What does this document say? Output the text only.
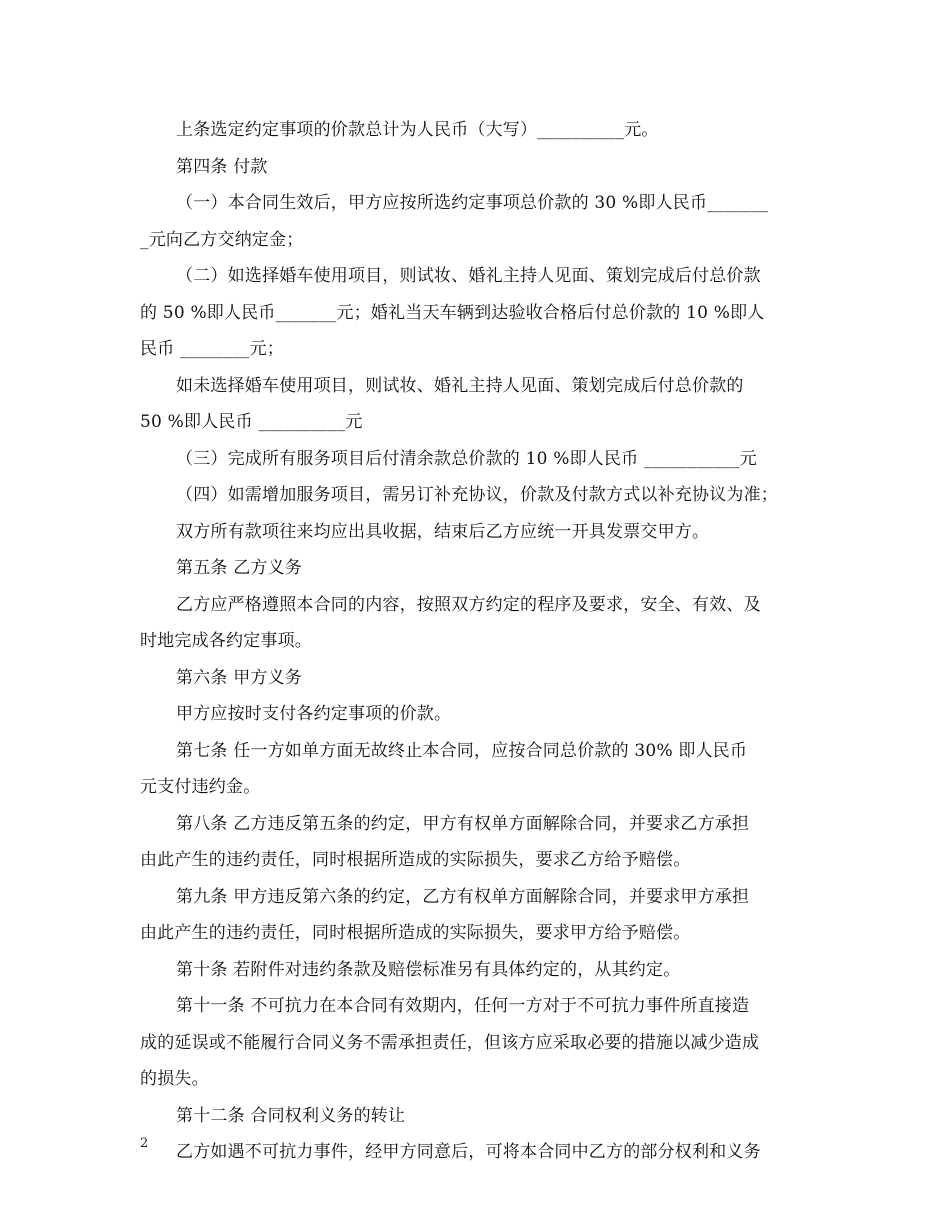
上条选定约定事项的价款总计为人民币（大写）__________元。
第四条 付款
（一）本合同生效后，甲方应按所选约定事项总价款的 30 %即人民币_______
_元向乙方交纳定金；
（二）如选择婚车使用项目，则试妆、婚礼主持人见面、策划完成后付总价款
的 50 %即人民币_______元；婚礼当天车辆到达验收合格后付总价款的 10 %即人
民币 ________元；
如未选择婚车使用项目，则试妆、婚礼主持人见面、策划完成后付总价款的
50 %即人民币 __________元
（三）完成所有服务项目后付清余款总价款的 10 %即人民币 ___________元
（四）如需增加服务项目，需另订补充协议，价款及付款方式以补充协议为准；
双方所有款项往来均应出具收据，结束后乙方应统一开具发票交甲方。
第五条 乙方义务
乙方应严格遵照本合同的内容，按照双方约定的程序及要求，安全、有效、及
时地完成各约定事项。
第六条 甲方义务
甲方应按时支付各约定事项的价款。
第七条 任一方如单方面无故终止本合同，应按合同总价款的 30% 即人民币
元支付违约金。
第八条 乙方违反第五条的约定，甲方有权单方面解除合同，并要求乙方承担
由此产生的违约责任，同时根据所造成的实际损失，要求乙方给予赔偿。
第九条 甲方违反第六条的约定，乙方有权单方面解除合同，并要求甲方承担
由此产生的违约责任，同时根据所造成的实际损失，要求甲方给予赔偿。
第十条 若附件对违约条款及赔偿标准另有具体约定的，从其约定。
第十一条 不可抗力在本合同有效期内，任何一方对于不可抗力事件所直接造
成的延误或不能履行合同义务不需承担责任，但该方应采取必要的措施以减少造成
的损失。
第十二条 合同权利义务的转让
乙方如遇不可抗力事件，经甲方同意后，可将本合同中乙方的部分权利和义务
2
